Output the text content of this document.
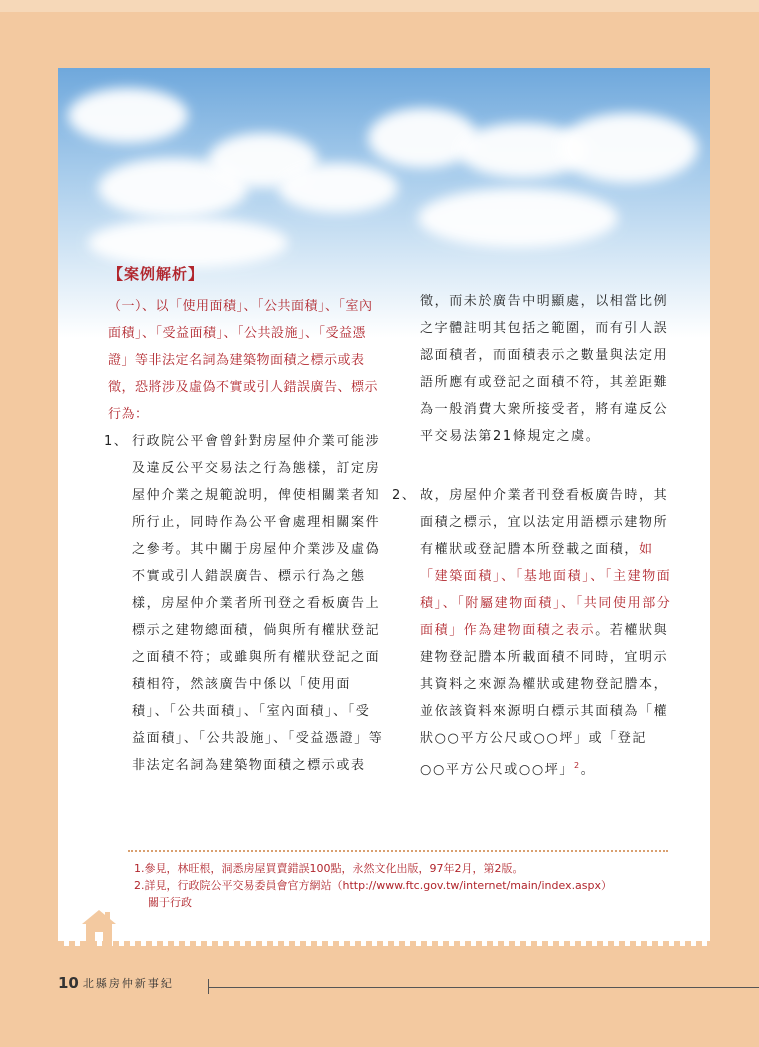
【案例解析】
（一）、以「使用面積」、「公共面積」、「室內面積」、「受益面積」、「公共設施」、「受益憑證」等非法定名詞為建築物面積之標示或表徵，恐將涉及虛偽不實或引人錯誤廣告、標示行為：
1、 行政院公平會曾針對房屋仲介業可能涉及違反公平交易法之行為態樣，訂定房屋仲介業之規範說明，俾使相關業者知所行止，同時作為公平會處理相關案件之參考。其中關于房屋仲介業涉及虛偽不實或引人錯誤廣告、標示行為之態樣，房屋仲介業者所刊登之看板廣告上標示之建物總面積，倘與所有權狀登記之面積不符；或雖與所有權狀登記之面積相符，然該廣告中係以「使用面積」、「公共面積」、「室內面積」、「受益面積」、「公共設施」、「受益憑證」等非法定名詞為建築物面積之標示或表
徵，而未於廣告中明顯處，以相當比例之字體註明其包括之範圍，而有引人誤認面積者，而面積表示之數量與法定用語所應有或登記之面積不符，其差距難為一般消費大衆所接受者，將有違反公平交易法第21條規定之虞。
2、 故，房屋仲介業者刊登看板廣告時，其面積之標示，宜以法定用語標示建物所有權狀或登記謄本所登載之面積，如「建築面積」、「基地面積」、「主建物面積」、「附屬建物面積」、「共同使用部分面積」作為建物面積之表示。若權狀與建物登記謄本所載面積不同時，宜明示其資料之來源為權狀或建物登記謄本，並依該資料來源明白標示其面積為「權狀○○平方公尺或○○坪」或「登記○○平方公尺或○○坪」$^2$。
1.參見，林旺根，洞悉房屋買賣錯誤100點，永然文化出版，97年2月，第2版。
2.詳見，行政院公平交易委員會官方網站（http://www.ftc.gov.tw/internet/main/index.aspx）
關于行政
10 北縣房仲新事紀
